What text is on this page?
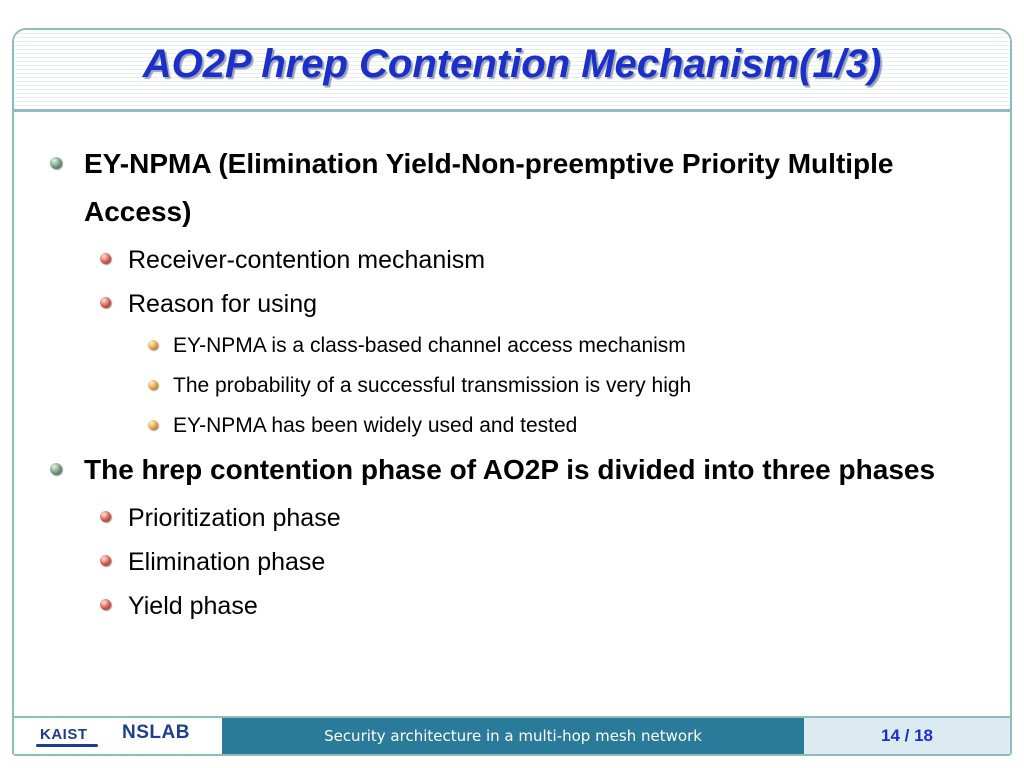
AO2P hrep Contention Mechanism(1/3)
EY-NPMA (Elimination Yield-Non-preemptive Priority Multiple Access)
Receiver-contention mechanism
Reason for using
EY-NPMA is a class-based channel access mechanism
The probability of a successful transmission is very high
EY-NPMA has been widely used and tested
The hrep contention phase of AO2P is divided into three phases
Prioritization phase
Elimination phase
Yield phase
KAIST NSLAB	Security architecture in a multi-hop mesh network	14 / 18
